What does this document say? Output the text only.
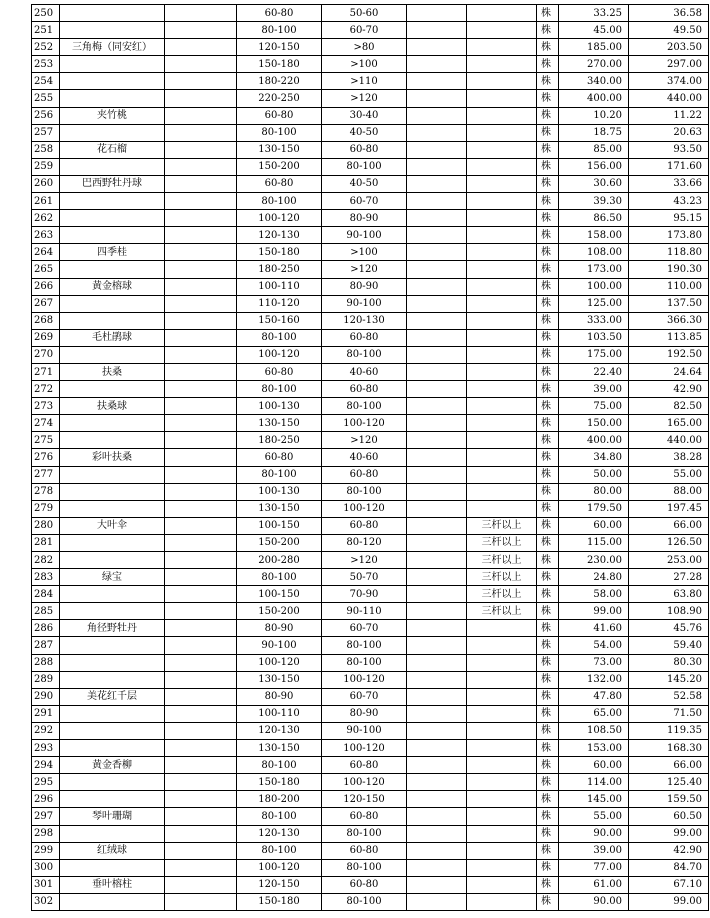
250			60-80	50-60			株	33.25	36.58
251			80-100	60-70			株	45.00	49.50
252	三角梅（同安红）		120-150	>80			株	185.00	203.50
253			150-180	>100			株	270.00	297.00
254			180-220	>110			株	340.00	374.00
255			220-250	>120			株	400.00	440.00
256	夹竹桃		60-80	30-40			株	10.20	11.22
257			80-100	40-50			株	18.75	20.63
258	花石榴		130-150	60-80			株	85.00	93.50
259			150-200	80-100			株	156.00	171.60
260	巴西野牡丹球		60-80	40-50			株	30.60	33.66
261			80-100	60-70			株	39.30	43.23
262			100-120	80-90			株	86.50	95.15
263			120-130	90-100			株	158.00	173.80
264	四季桂		150-180	>100			株	108.00	118.80
265			180-250	>120			株	173.00	190.30
266	黄金榕球		100-110	80-90			株	100.00	110.00
267			110-120	90-100			株	125.00	137.50
268			150-160	120-130			株	333.00	366.30
269	毛杜鹃球		80-100	60-80			株	103.50	113.85
270			100-120	80-100			株	175.00	192.50
271	扶桑		60-80	40-60			株	22.40	24.64
272			80-100	60-80			株	39.00	42.90
273	扶桑球		100-130	80-100			株	75.00	82.50
274			130-150	100-120			株	150.00	165.00
275			180-250	>120			株	400.00	440.00
276	彩叶扶桑		60-80	40-60			株	34.80	38.28
277			80-100	60-80			株	50.00	55.00
278			100-130	80-100			株	80.00	88.00
279			130-150	100-120			株	179.50	197.45
280	大叶伞		100-150	60-80		三杆以上	株	60.00	66.00
281			150-200	80-120		三杆以上	株	115.00	126.50
282			200-280	>120		三杆以上	株	230.00	253.00
283	绿宝		80-100	50-70		三杆以上	株	24.80	27.28
284			100-150	70-90		三杆以上	株	58.00	63.80
285			150-200	90-110		三杆以上	株	99.00	108.90
286	角径野牡丹		80-90	60-70			株	41.60	45.76
287			90-100	80-100			株	54.00	59.40
288			100-120	80-100			株	73.00	80.30
289			130-150	100-120			株	132.00	145.20
290	美花红千层		80-90	60-70			株	47.80	52.58
291			100-110	80-90			株	65.00	71.50
292			120-130	90-100			株	108.50	119.35
293			130-150	100-120			株	153.00	168.30
294	黄金香柳		80-100	60-80			株	60.00	66.00
295			150-180	100-120			株	114.00	125.40
296			180-200	120-150			株	145.00	159.50
297	琴叶珊瑚		80-100	60-80			株	55.00	60.50
298			120-130	80-100			株	90.00	99.00
299	红绒球		80-100	60-80			株	39.00	42.90
300			100-120	80-100			株	77.00	84.70
301	垂叶榕柱		120-150	60-80			株	61.00	67.10
302			150-180	80-100			株	90.00	99.00
